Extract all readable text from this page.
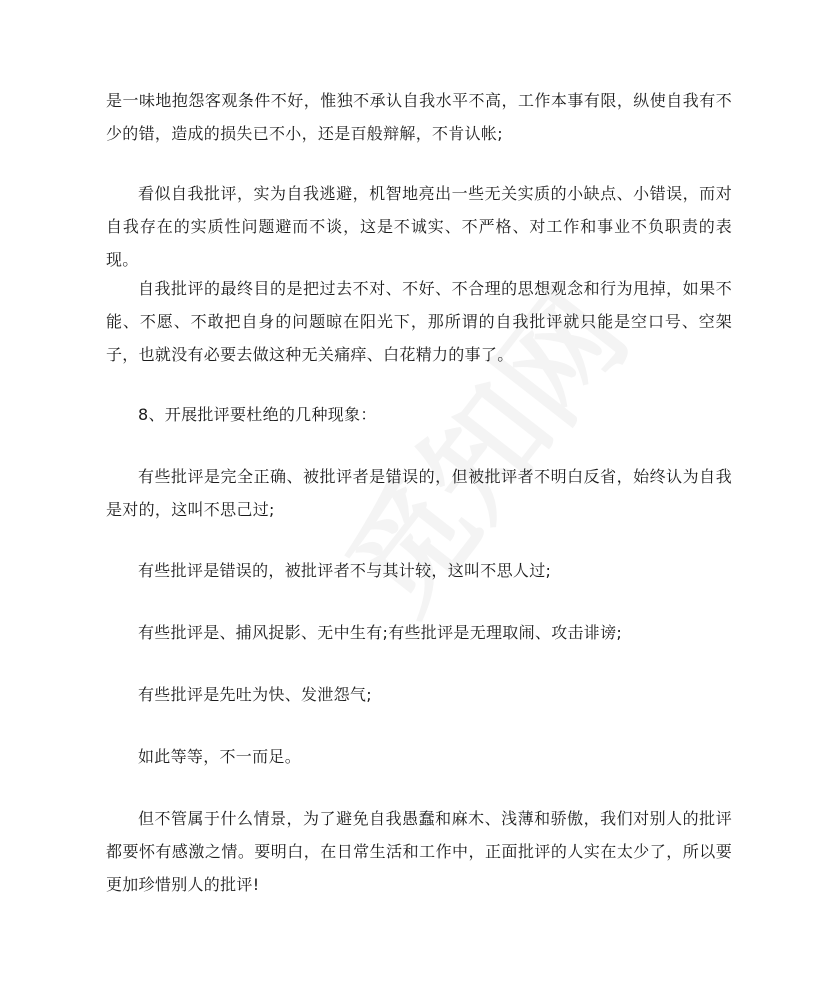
是一味地抱怨客观条件不好，惟独不承认自我水平不高，工作本事有限，纵使自我有不少的错，造成的损失已不小，还是百般辩解，不肯认帐;

看似自我批评，实为自我逃避，机智地亮出一些无关实质的小缺点、小错误，而对自我存在的实质性问题避而不谈，这是不诚实、不严格、对工作和事业不负职责的表现。

自我批评的最终目的是把过去不对、不好、不合理的思想观念和行为甩掉，如果不能、不愿、不敢把自身的问题晾在阳光下，那所谓的自我批评就只能是空口号、空架子，也就没有必要去做这种无关痛痒、白花精力的事了。

8、开展批评要杜绝的几种现象：

有些批评是完全正确、被批评者是错误的，但被批评者不明白反省，始终认为自我是对的，这叫不思己过;

有些批评是错误的，被批评者不与其计较，这叫不思人过;

有些批评是、捕风捉影、无中生有;有些批评是无理取闹、攻击诽谤;

有些批评是先吐为快、发泄怨气;

如此等等，不一而足。

但不管属于什么情景，为了避免自我愚蠢和麻木、浅薄和骄傲，我们对别人的批评都要怀有感激之情。要明白，在日常生活和工作中，正面批评的人实在太少了，所以要更加珍惜别人的批评!
